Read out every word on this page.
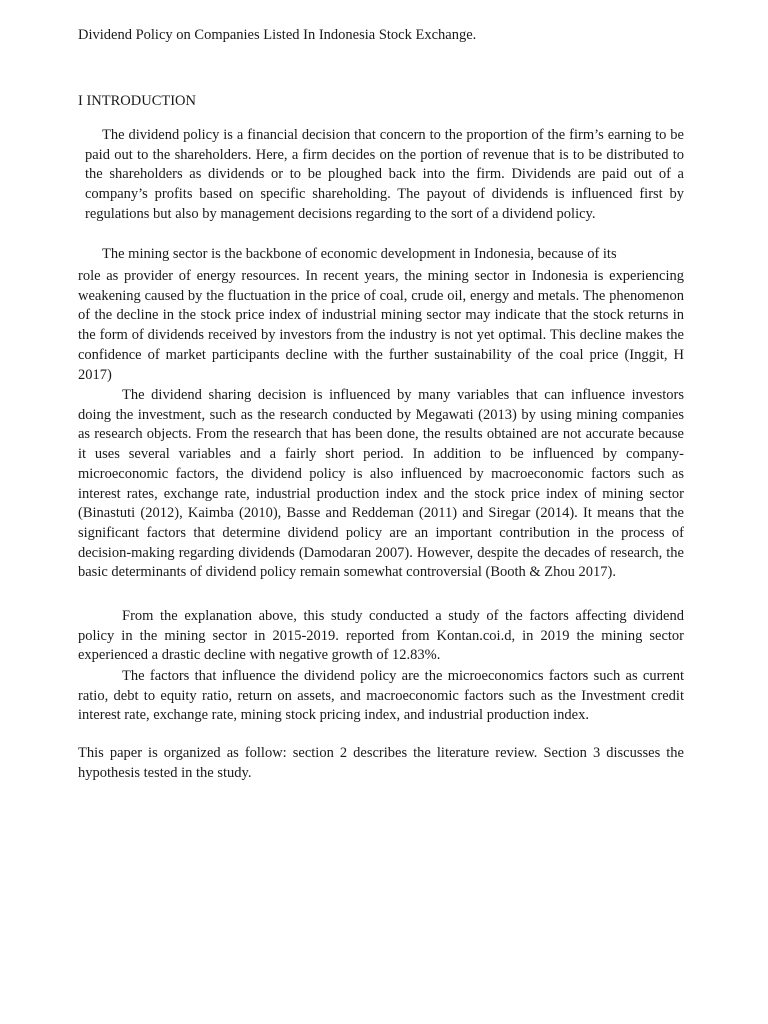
Dividend Policy on Companies Listed In Indonesia Stock Exchange.
I INTRODUCTION

The dividend policy is a financial decision that concern to the proportion of the firm’s earning to be paid out to the shareholders. Here, a firm decides on the portion of revenue that is to be distributed to the shareholders as dividends or to be ploughed back into the firm. Dividends are paid out of a company’s profits based on specific shareholding. The payout of dividends is influenced first by regulations but also by management decisions regarding to the sort of a dividend policy.

The mining sector is the backbone of economic development in Indonesia, because of its

role as provider of energy resources. In recent years, the mining sector in Indonesia is experiencing weakening caused by the fluctuation in the price of coal, crude oil, energy and metals. The phenomenon of the decline in the stock price index of industrial mining sector may indicate that the stock returns in the form of dividends received by investors from the industry is not yet optimal. This decline makes the confidence of market participants decline with the further sustainability of the coal price (Inggit, H 2017)

The dividend sharing decision is influenced by many variables that can influence investors doing the investment, such as the research conducted by Megawati (2013) by using mining companies as research objects. From the research that has been done, the results obtained are not accurate because it uses several variables and a fairly short period. In addition to be influenced by company-microeconomic factors, the dividend policy is also influenced by macroeconomic factors such as interest rates, exchange rate, industrial production index and the stock price index of mining sector (Binastuti (2012), Kaimba (2010), Basse and Reddeman (2011) and Siregar (2014). It means that the significant factors that determine dividend policy are an important contribution in the process of decision-making regarding dividends (Damodaran 2007). However, despite the decades of research, the basic determinants of dividend policy remain somewhat controversial (Booth & Zhou 2017).

From the explanation above, this study conducted a study of the factors affecting dividend policy in the mining sector in 2015-2019. reported from Kontan.coi.d, in 2019 the mining sector experienced a drastic decline with negative growth of 12.83%.

The factors that influence the dividend policy are the microeconomics factors such as current ratio, debt to equity ratio, return on assets, and macroeconomic factors such as the Investment credit interest rate, exchange rate, mining stock pricing index, and industrial production index.

This paper is organized as follow: section 2 describes the literature review. Section 3 discusses the hypothesis tested in the study.
